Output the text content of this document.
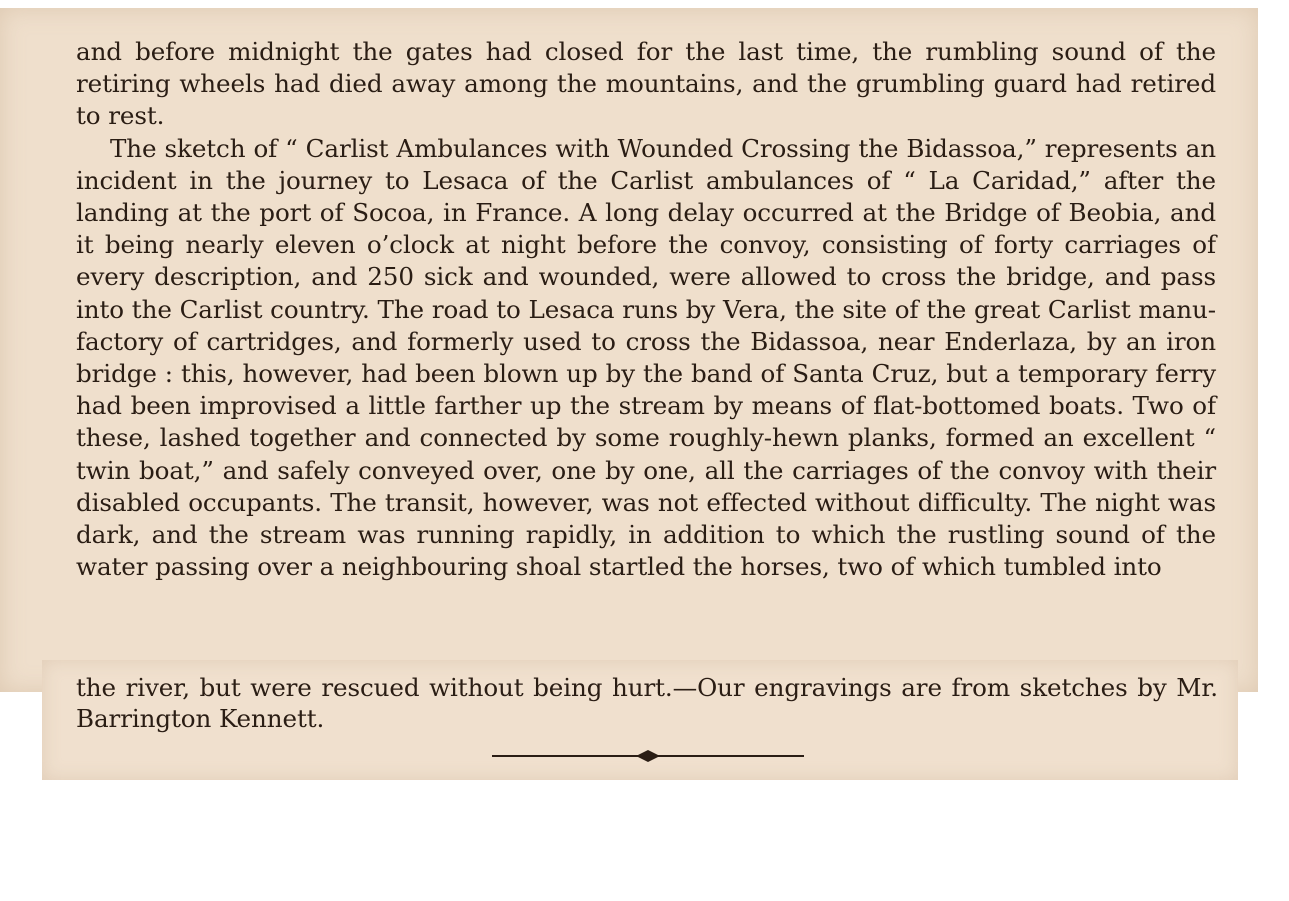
and before midnight the gates had closed for the last time, the rumbling sound of the retiring wheels had died away among the mountains, and the grumbling guard had retired to rest.

The sketch of “ Carlist Ambulances with Wounded Crossing the Bidassoa,” represents an incident in the journey to Lesaca of the Carlist ambulances of “ La Caridad,” after the landing at the port of Socoa, in France. A long delay occurred at the Bridge of Beobia, and it being nearly eleven o’clock at night before the convoy, consisting of forty carriages of every description, and 250 sick and wounded, were allowed to cross the bridge, and pass into the Carlist country. The road to Lesaca runs by Vera, the site of the great Carlist manu-factory of cartridges, and formerly used to cross the Bidassoa, near Enderlaza, by an iron bridge : this, however, had been blown up by the band of Santa Cruz, but a temporary ferry had been improvised a little farther up the stream by means of flat-bottomed boats. Two of these, lashed together and connected by some roughly-hewn planks, formed an excellent “ twin boat,” and safely conveyed over, one by one, all the carriages of the convoy with their disabled occupants. The transit, however, was not effected without difficulty. The night was dark, and the stream was running rapidly, in addition to which the rustling sound of the water passing over a neighbouring shoal startled the horses, two of which tumbled into

the river, but were rescued without being hurt.—Our engravings are from sketches by Mr. Barrington Kennett.
